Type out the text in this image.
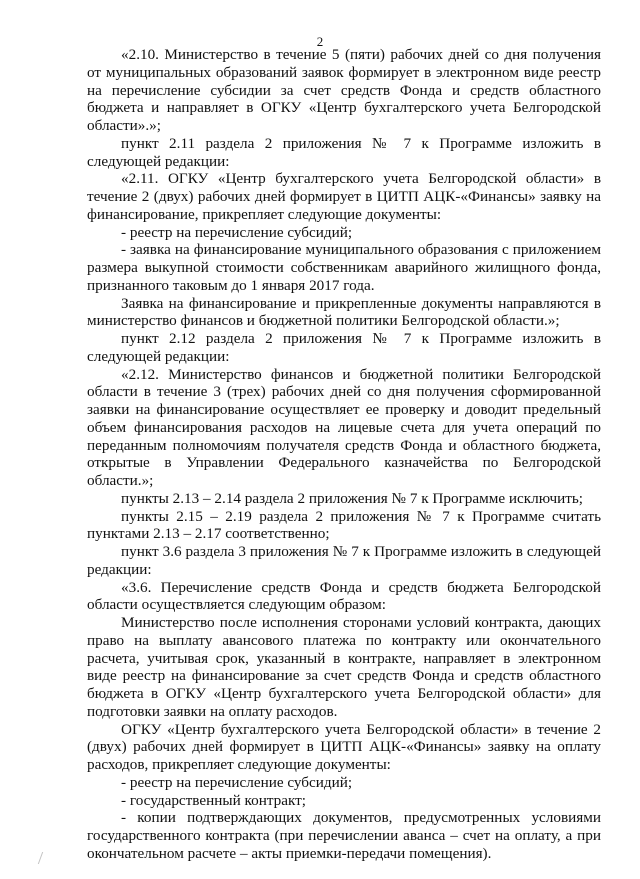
2

«2.10. Министерство в течение 5 (пяти) рабочих дней со дня получения от муниципальных образований заявок формирует в электронном виде реестр на перечисление субсидии за счет средств Фонда и средств областного бюджета и направляет в ОГКУ «Центр бухгалтерского учета Белгородской области».»;

пункт 2.11 раздела 2 приложения № 7 к Программе изложить в следующей редакции:

«2.11. ОГКУ «Центр бухгалтерского учета Белгородской области» в течение 2 (двух) рабочих дней формирует в ЦИТП АЦК-«Финансы» заявку на финансирование, прикрепляет следующие документы:

- реестр на перечисление субсидий;

- заявка на финансирование муниципального образования с приложением размера выкупной стоимости собственникам аварийного жилищного фонда, признанного таковым до 1 января 2017 года.

Заявка на финансирование и прикрепленные документы направляются в министерство финансов и бюджетной политики Белгородской области.»;

пункт 2.12 раздела 2 приложения № 7 к Программе изложить в следующей редакции:

«2.12. Министерство финансов и бюджетной политики Белгородской области в течение 3 (трех) рабочих дней со дня получения сформированной заявки на финансирование осуществляет ее проверку и доводит предельный объем финансирования расходов на лицевые счета для учета операций по переданным полномочиям получателя средств Фонда и областного бюджета, открытые в Управлении Федерального казначейства по Белгородской области.»;

пункты 2.13 – 2.14 раздела 2 приложения № 7 к Программе исключить;

пункты 2.15 – 2.19 раздела 2 приложения № 7 к Программе считать пунктами 2.13 – 2.17 соответственно;

пункт 3.6 раздела 3 приложения № 7 к Программе изложить в следующей редакции:

«3.6. Перечисление средств Фонда и средств бюджета Белгородской области осуществляется следующим образом:

Министерство после исполнения сторонами условий контракта, дающих право на выплату авансового платежа по контракту или окончательного расчета, учитывая срок, указанный в контракте, направляет в электронном виде реестр на финансирование за счет средств Фонда и средств областного бюджета в ОГКУ «Центр бухгалтерского учета Белгородской области» для подготовки заявки на оплату расходов.

ОГКУ «Центр бухгалтерского учета Белгородской области» в течение 2 (двух) рабочих дней формирует в ЦИТП АЦК-«Финансы» заявку на оплату расходов, прикрепляет следующие документы:

- реестр на перечисление субсидий;

- государственный контракт;

- копии подтверждающих документов, предусмотренных условиями государственного контракта (при перечислении аванса – счет на оплату, а при окончательном расчете – акты приемки-передачи помещения).
